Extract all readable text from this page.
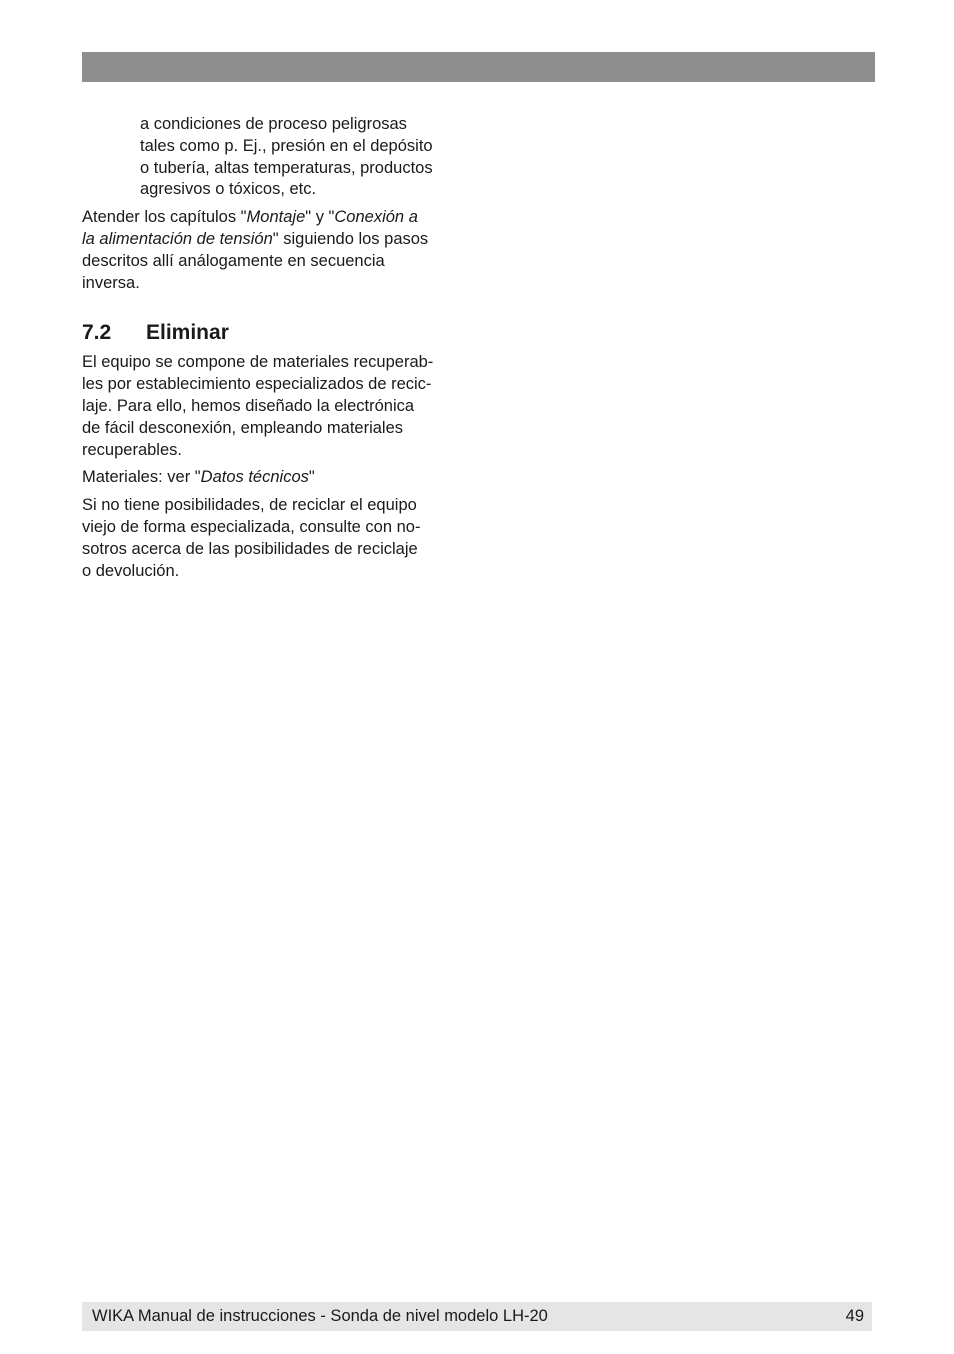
a condiciones de proceso peligrosas
tales como p. Ej., presión en el depósito
o tubería, altas temperaturas, productos
agresivos o tóxicos, etc.

Atender los capítulos "Montaje" y "Conexión a
la alimentación de tensión" siguiendo los pasos
descritos allí análogamente en secuencia
inversa.

7.2	Eliminar

El equipo se compone de materiales recuperab-
les por establecimiento especializados de recic-
laje. Para ello, hemos diseñado la electrónica
de fácil desconexión, empleando materiales
recuperables.

Materiales: ver "Datos técnicos"

Si no tiene posibilidades, de reciclar el equipo
viejo de forma especializada, consulte con no-
sotros acerca de las posibilidades de reciclaje
o devolución.

WIKA Manual de instrucciones - Sonda de nivel modelo LH-20	49
